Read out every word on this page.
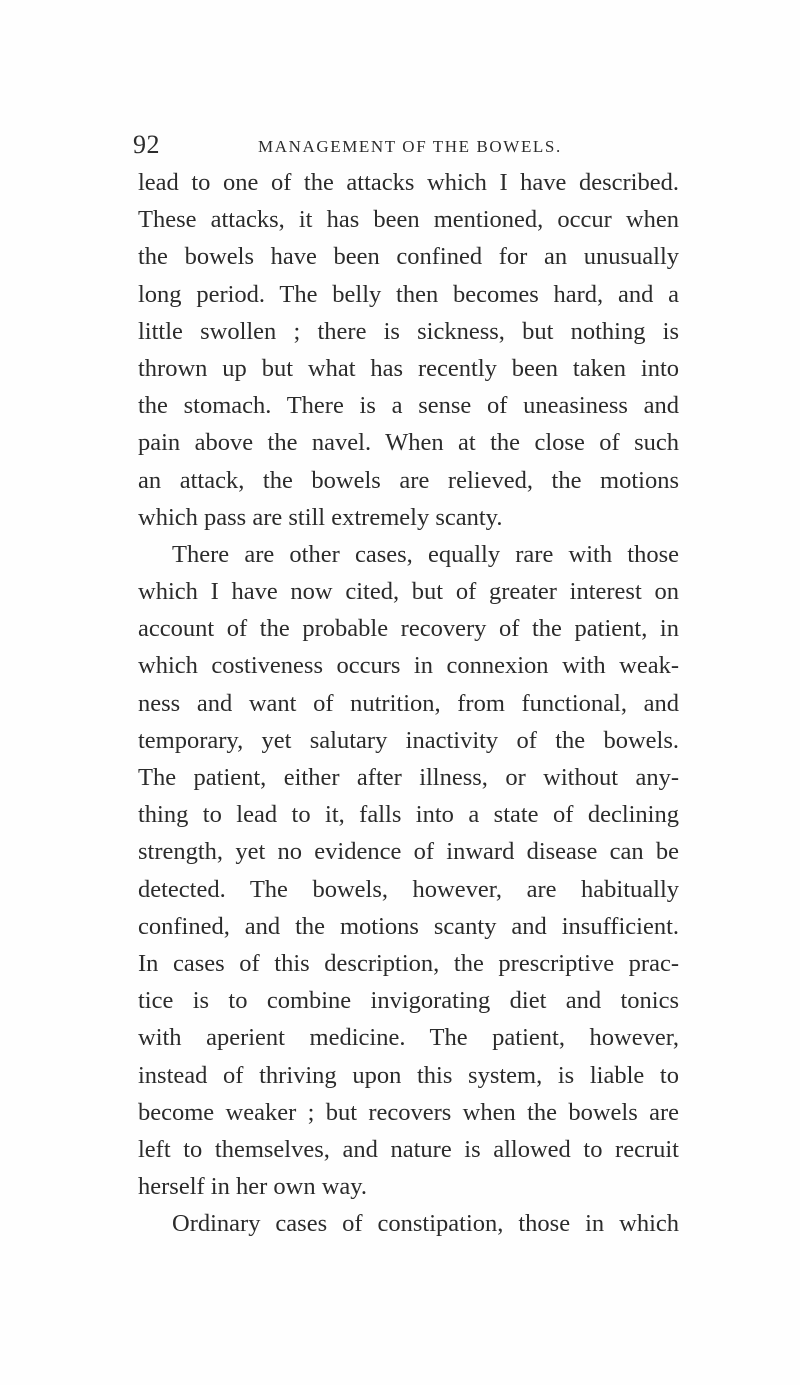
92	MANAGEMENT OF THE BOWELS.
lead to one of the attacks which I have described.
These attacks, it has been mentioned, occur when
the bowels have been confined for an unusually
long period. The belly then becomes hard, and a
little swollen ; there is sickness, but nothing is
thrown up but what has recently been taken into
the stomach. There is a sense of uneasiness and
pain above the navel. When at the close of such
an attack, the bowels are relieved, the motions
which pass are still extremely scanty.
There are other cases, equally rare with those
which I have now cited, but of greater interest on
account of the probable recovery of the patient, in
which costiveness occurs in connexion with weak-
ness and want of nutrition, from functional, and
temporary, yet salutary inactivity of the bowels.
The patient, either after illness, or without any-
thing to lead to it, falls into a state of declining
strength, yet no evidence of inward disease can be
detected. The bowels, however, are habitually
confined, and the motions scanty and insufficient.
In cases of this description, the prescriptive prac-
tice is to combine invigorating diet and tonics
with aperient medicine. The patient, however,
instead of thriving upon this system, is liable to
become weaker ; but recovers when the bowels are
left to themselves, and nature is allowed to recruit
herself in her own way.
Ordinary cases of constipation, those in which
